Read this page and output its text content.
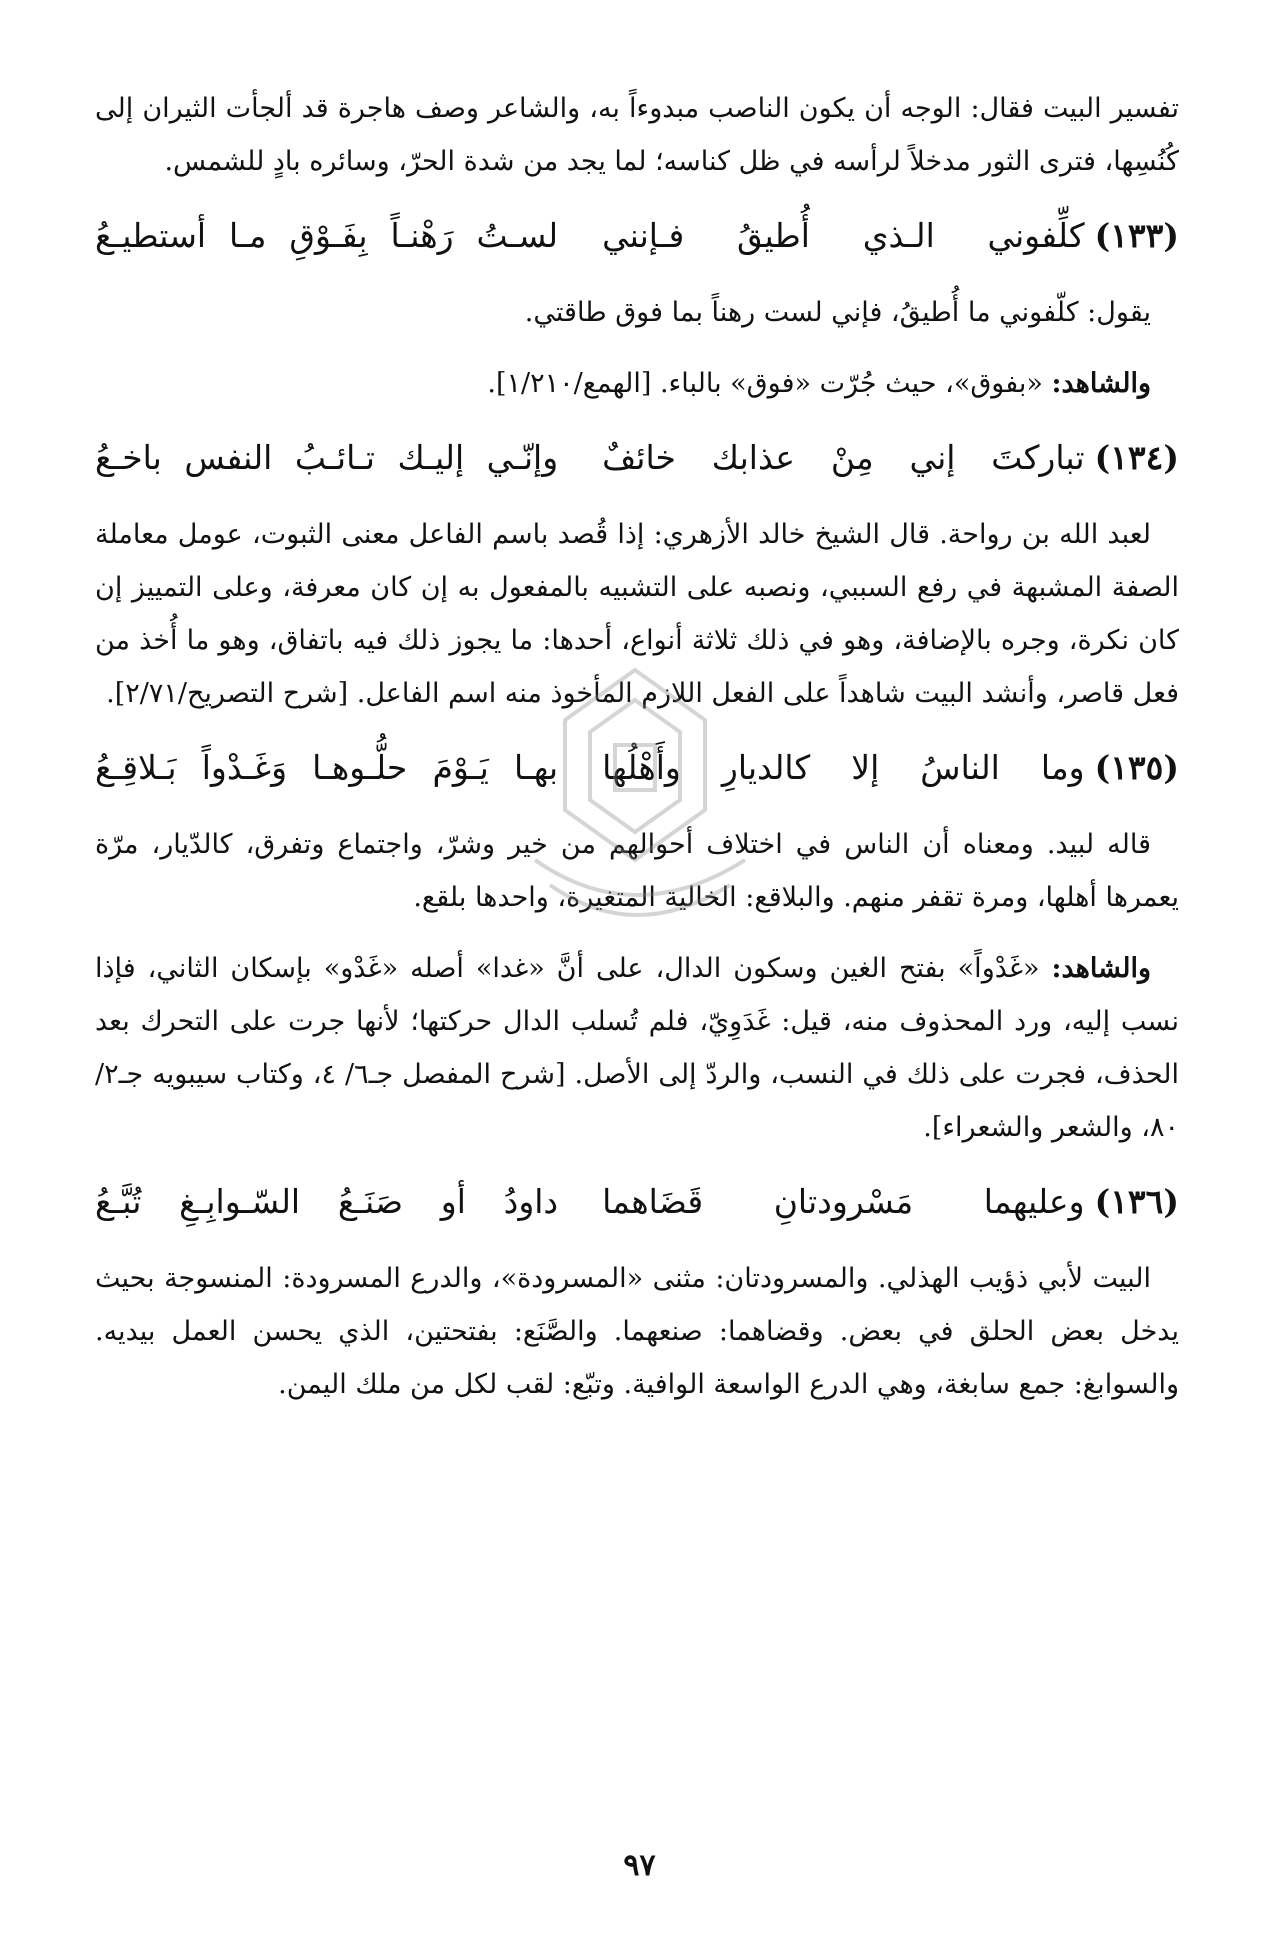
تفسير البيت فقال: الوجه أن يكون الناصب مبدوءاً به، والشاعر وصف هاجرة قد ألجأت الثيران إلى كُنُسِها، فترى الثور مدخلاً لرأسه في ظل كناسه؛ لما يجد من شدة الحرّ، وسائره بادٍ للشمس.

(١٣٣)
كلِّفوني الـذي أُطيقُ فـإنني
لسـتُ رَهْنـاً بِفَـوْقِ مـا أستطيـعُ

يقول: كلّفوني ما أُطيقُ، فإني لست رهناً بما فوق طاقتي.

والشاهد: «بفوق»، حيث جُرّت «فوق» بالباء. [الهمع/١/٢١٠].

(١٣٤)
تباركتَ إني مِنْ عذابك خائفٌ
وإنّـي إليـك تـائـبُ النفس باخـعُ

لعبد الله بن رواحة. قال الشيخ خالد الأزهري: إذا قُصد باسم الفاعل معنى الثبوت، عومل معاملة الصفة المشبهة في رفع السببي، ونصبه على التشبيه بالمفعول به إن كان معرفة، وعلى التمييز إن كان نكرة، وجره بالإضافة، وهو في ذلك ثلاثة أنواع، أحدها: ما يجوز ذلك فيه باتفاق، وهو ما أُخذ من فعل قاصر، وأنشد البيت شاهداً على الفعل اللازم المأخوذ منه اسم الفاعل. [شرح التصريح/٢/٧١].

(١٣٥)
وما الناسُ إلا كالديارِ وأَهْلُها
بهـا يَـوْمَ حلُّـوهـا وَغَـدْواً بَـلاقِـعُ

قاله لبيد. ومعناه أن الناس في اختلاف أحوالهم من خير وشرّ، واجتماع وتفرق، كالدّيار، مرّة يعمرها أهلها، ومرة تقفر منهم. والبلاقع: الخالية المتغيرة، واحدها بلقع.

والشاهد: «غَدْواً» بفتح الغين وسكون الدال، على أنَّ «غدا» أصله «غَدْو» بإسكان الثاني، فإذا نسب إليه، ورد المحذوف منه، قيل: غَدَوِيّ، فلم تُسلب الدال حركتها؛ لأنها جرت على التحرك بعد الحذف، فجرت على ذلك في النسب، والردّ إلى الأصل. [شرح المفصل جـ٦/ ٤، وكتاب سيبويه جـ٢/ ٨٠، والشعر والشعراء].

(١٣٦)
وعليهما مَسْرودتانِ قَضَاهما
داودُ أو صَنَـعُ السّـوابِـغِ تُبَّـعُ

البيت لأبي ذؤيب الهذلي. والمسرودتان: مثنى «المسرودة»، والدرع المسرودة: المنسوجة بحيث يدخل بعض الحلق في بعض. وقضاهما: صنعهما. والصَّنَع: بفتحتين، الذي يحسن العمل بيديه. والسوابغ: جمع سابغة، وهي الدرع الواسعة الوافية. وتبّع: لقب لكل من ملك اليمن.

٩٧
